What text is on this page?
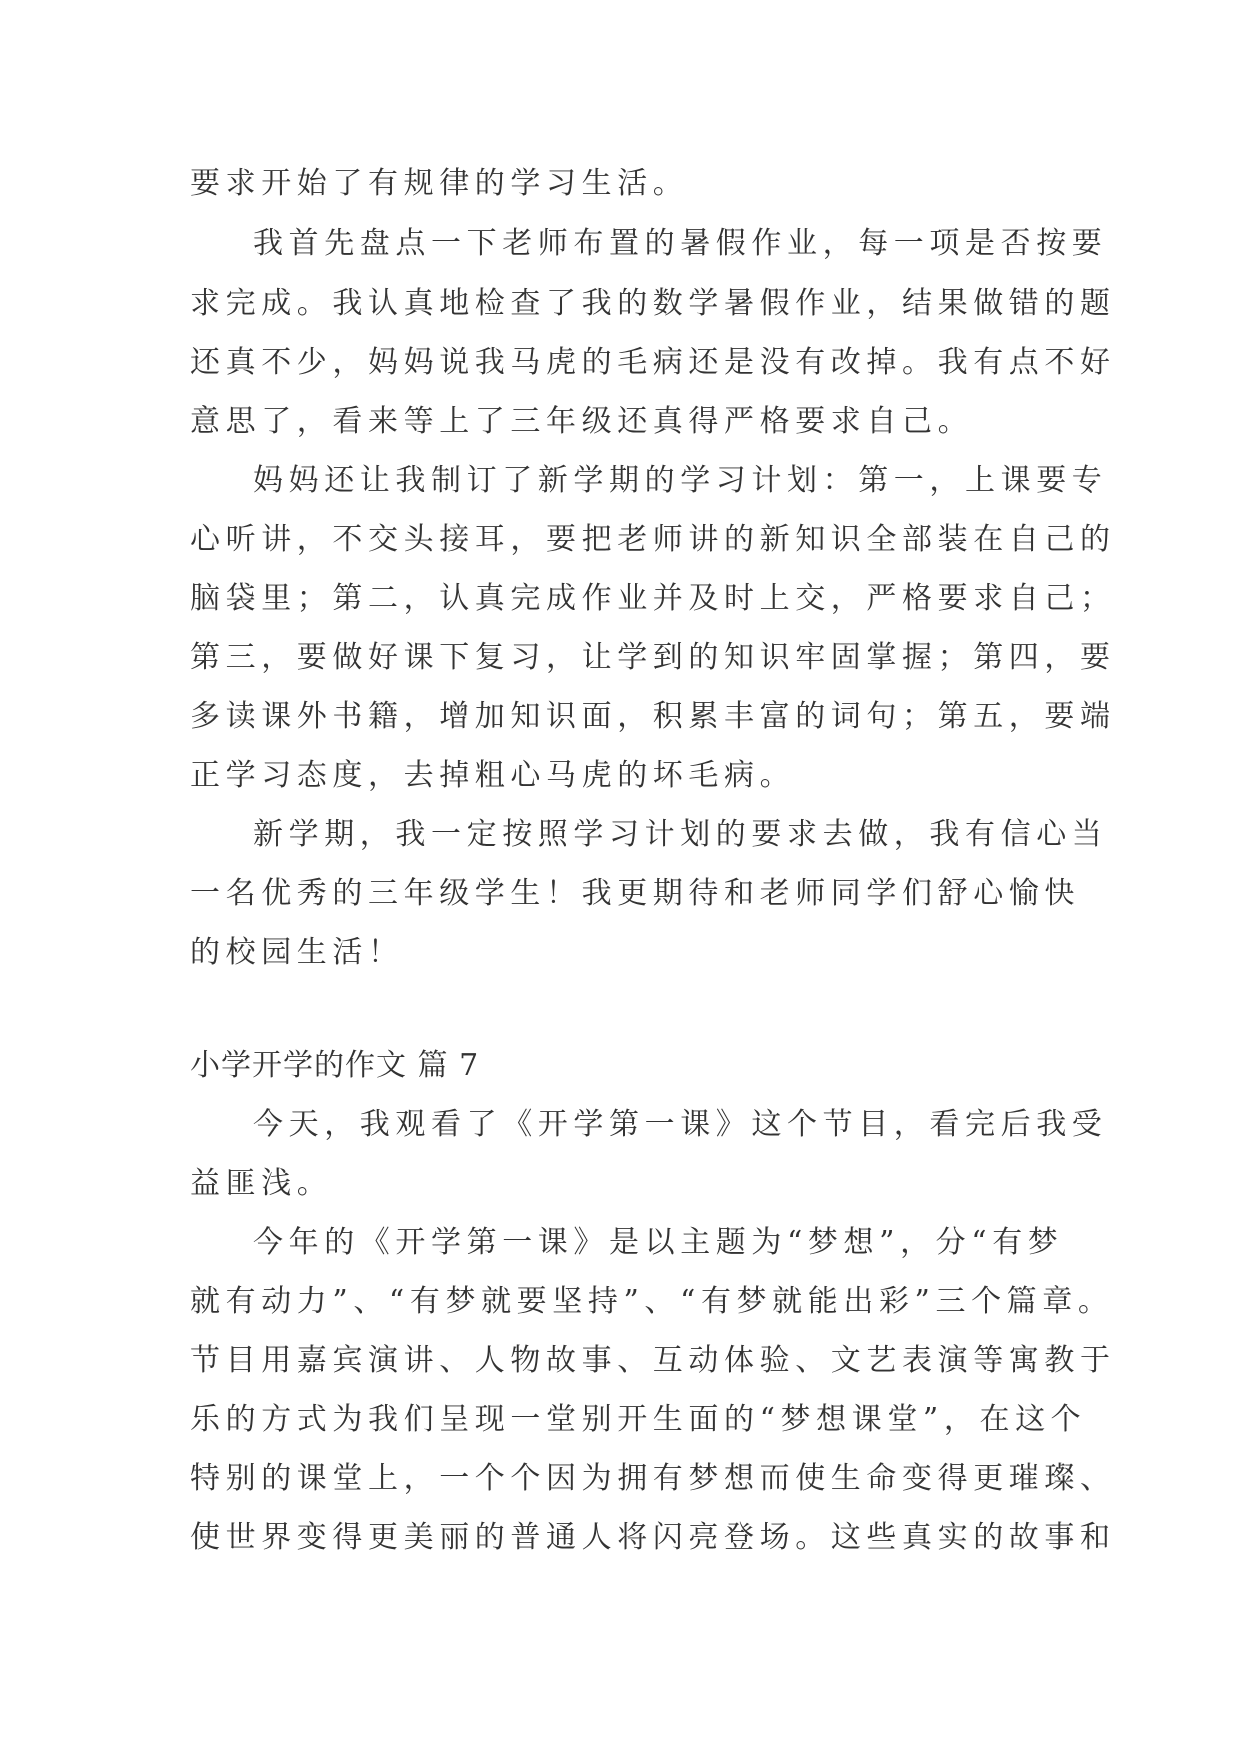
要求开始了有规律的学习生活。

我首先盘点一下老师布置的暑假作业，每一项是否按要

求完成。我认真地检查了我的数学暑假作业，结果做错的题

还真不少，妈妈说我马虎的毛病还是没有改掉。我有点不好

意思了，看来等上了三年级还真得严格要求自己。

妈妈还让我制订了新学期的学习计划：第一，上课要专

心听讲，不交头接耳，要把老师讲的新知识全部装在自己的

脑袋里；第二，认真完成作业并及时上交，严格要求自己；

第三，要做好课下复习，让学到的知识牢固掌握；第四，要

多读课外书籍，增加知识面，积累丰富的词句；第五，要端

正学习态度，去掉粗心马虎的坏毛病。

新学期，我一定按照学习计划的要求去做，我有信心当

一名优秀的三年级学生！我更期待和老师同学们舒心愉快

的校园生活！

小学开学的作文 篇 7

今天，我观看了《开学第一课》这个节目，看完后我受

益匪浅。

今年的《开学第一课》是以主题为“梦想”，分“有梦

就有动力”、“有梦就要坚持”、“有梦就能出彩”三个篇章。

节目用嘉宾演讲、人物故事、互动体验、文艺表演等寓教于

乐的方式为我们呈现一堂别开生面的“梦想课堂”，在这个

特别的课堂上，一个个因为拥有梦想而使生命变得更璀璨、

使世界变得更美丽的普通人将闪亮登场。这些真实的故事和
